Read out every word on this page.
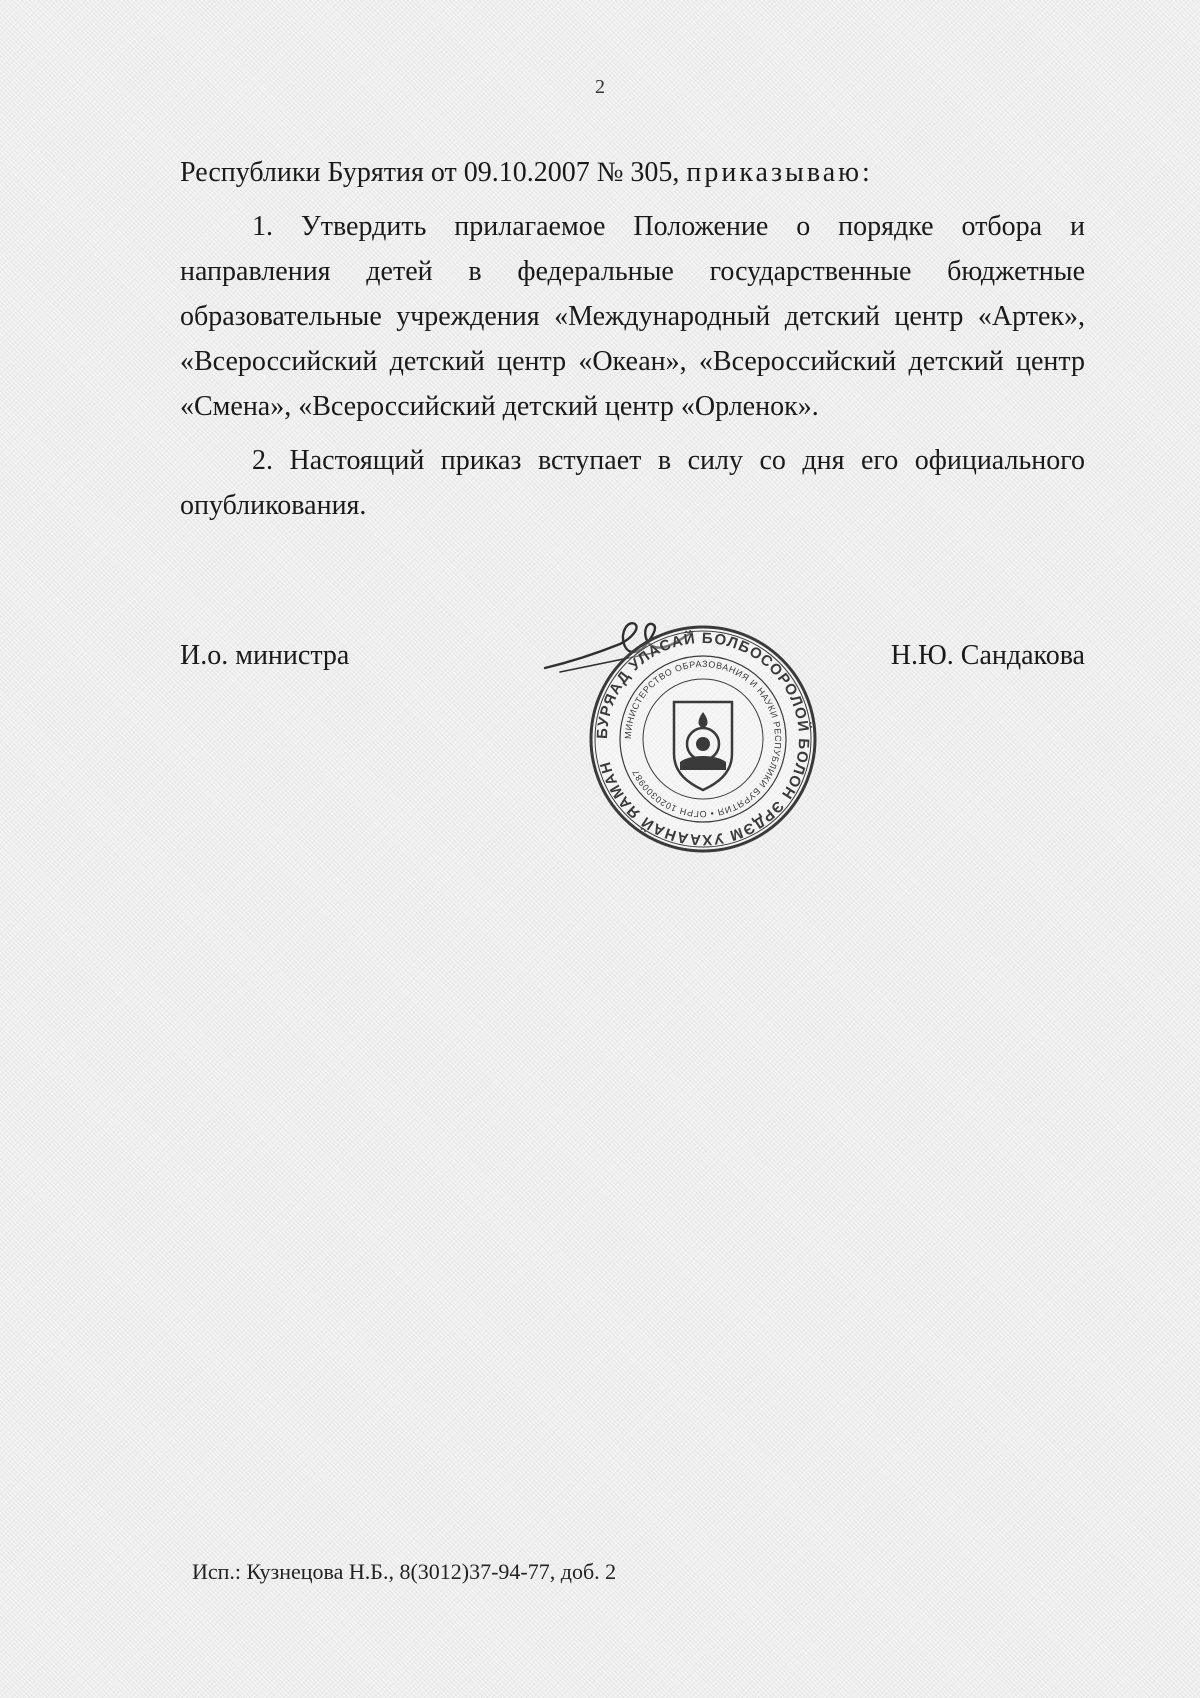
2

Республики Бурятия от 09.10.2007 № 305, приказываю:

1. Утвердить прилагаемое Положение о порядке отбора и направления детей в федеральные государственные бюджетные образовательные учреждения «Международный детский центр «Артек», «Всероссийский детский центр «Океан», «Всероссийский детский центр «Смена», «Всероссийский детский центр «Орленок».

2. Настоящий приказ вступает в силу со дня его официального опубликования.

И.о. министра
БУРЯАД УЛАСАЙ БОЛБОСОРОЛОЙ БОЛОН ЭРДЭМ УХААНАЙ ЯАМАН
МИНИСТЕРСТВО ОБРАЗОВАНИЯ И НАУКИ РЕСПУБЛИКИ БУРЯТИЯ • ОГРН 1020300987
Н.Ю. Сандакова
Исп.: Кузнецова Н.Б., 8(3012)37-94-77, доб. 2
